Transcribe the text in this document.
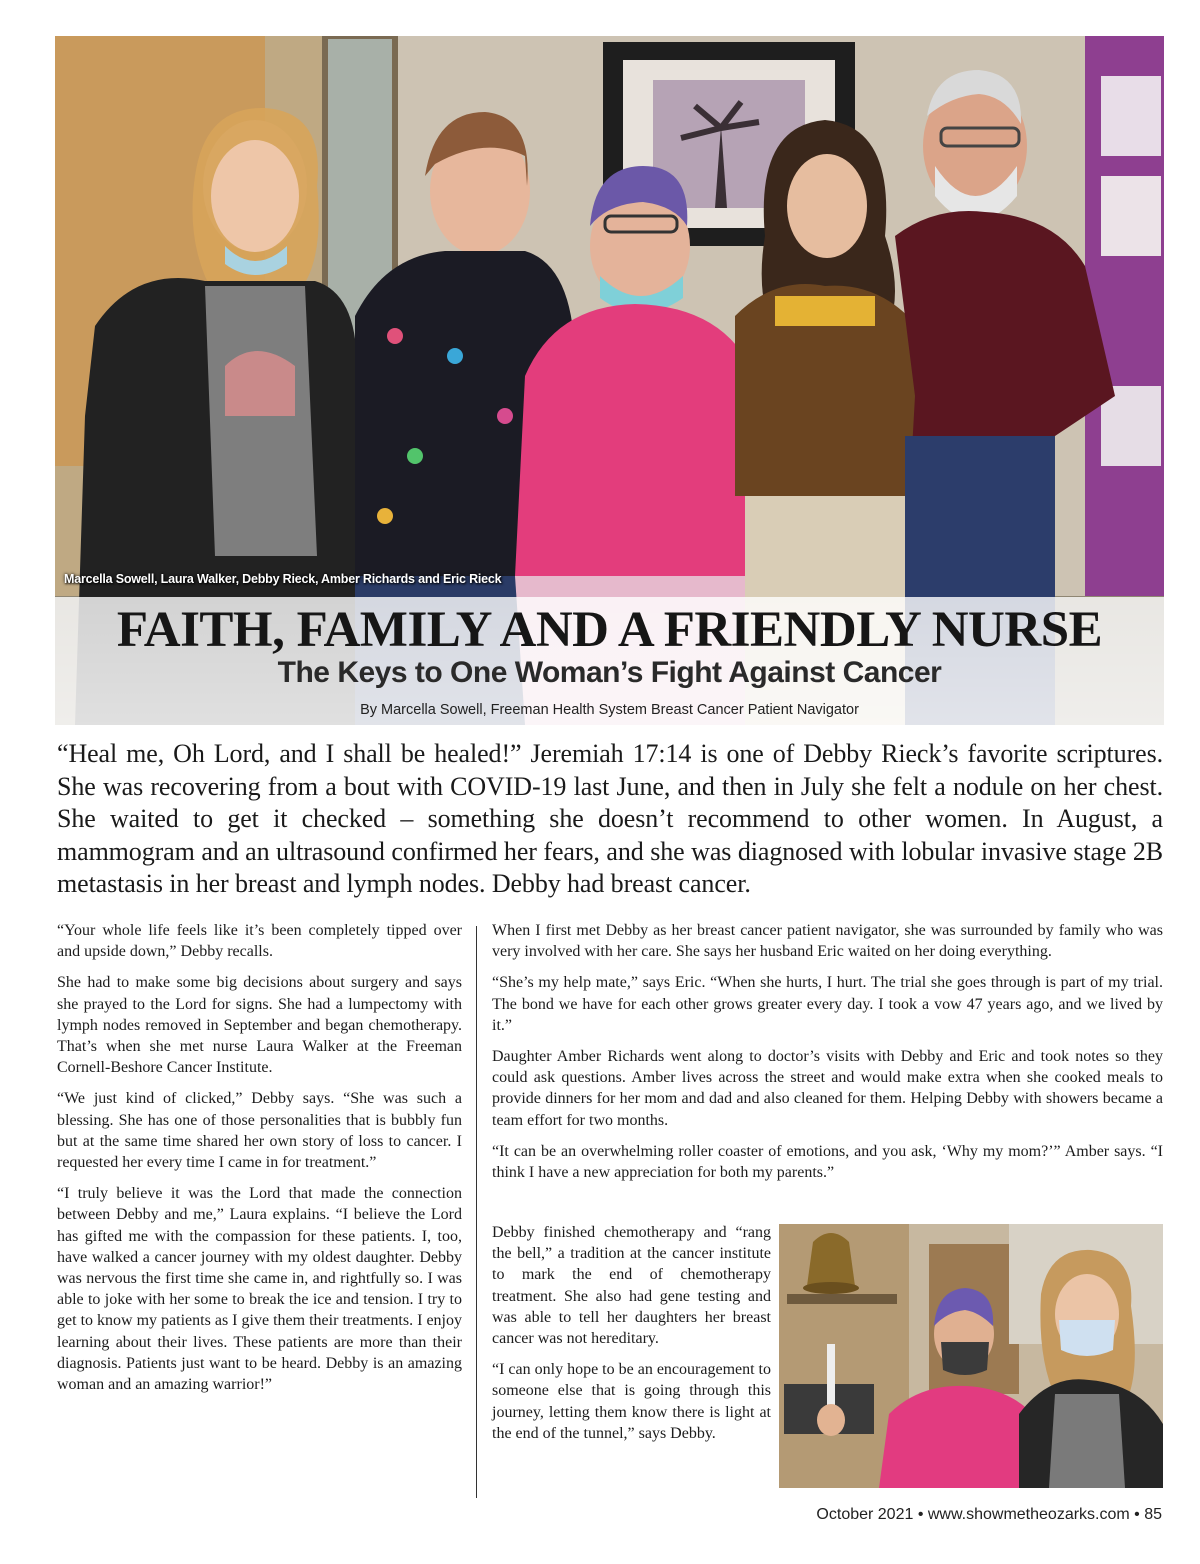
Marcella Sowell, Laura Walker, Debby Rieck, Amber Richards and Eric Rieck
FAITH, FAMILY AND A FRIENDLY NURSE
The Keys to One Woman’s Fight Against Cancer
By Marcella Sowell, Freeman Health System Breast Cancer Patient Navigator

“Heal me, Oh Lord, and I shall be healed!” Jeremiah 17:14 is one of Debby Rieck’s favorite scriptures. She was recovering from a bout with COVID-19 last June, and then in July she felt a nodule on her chest. She waited to get it checked – something she doesn’t recommend to other women. In August, a mammogram and an ultrasound confirmed her fears, and she was diagnosed with lobular invasive stage 2B metastasis in her breast and lymph nodes. Debby had breast cancer.

“Your whole life feels like it’s been completely tipped over and upside down,” Debby recalls.

She had to make some big decisions about surgery and says she prayed to the Lord for signs. She had a lumpectomy with lymph nodes removed in September and began chemotherapy. That’s when she met nurse Laura Walker at the Freeman Cornell-Beshore Cancer Institute.

“We just kind of clicked,” Debby says. “She was such a blessing. She has one of those personalities that is bubbly fun but at the same time shared her own story of loss to cancer. I requested her every time I came in for treatment.”

“I truly believe it was the Lord that made the connection between Debby and me,” Laura explains. “I believe the Lord has gifted me with the compassion for these patients. I, too, have walked a cancer journey with my oldest daughter. Debby was nervous the first time she came in, and rightfully so. I was able to joke with her some to break the ice and tension. I try to get to know my patients as I give them their treatments. I enjoy learning about their lives. These patients are more than their diagnosis. Patients just want to be heard. Debby is an amazing woman and an amazing warrior!”

When I first met Debby as her breast cancer patient navigator, she was surrounded by family who was very involved with her care. She says her husband Eric waited on her doing everything.

“She’s my help mate,” says Eric. “When she hurts, I hurt. The trial she goes through is part of my trial. The bond we have for each other grows greater every day. I took a vow 47 years ago, and we lived by it.”

Daughter Amber Richards went along to doctor’s visits with Debby and Eric and took notes so they could ask questions. Amber lives across the street and would make extra when she cooked meals to provide dinners for her mom and dad and also cleaned for them. Helping Debby with showers became a team effort for two months.

“It can be an overwhelming roller coaster of emotions, and you ask, ‘Why my mom?’” Amber says. “I think I have a new appreciation for both my parents.”

Debby finished chemotherapy and “rang the bell,” a tradition at the cancer institute to mark the end of chemotherapy treatment. She also had gene testing and was able to tell her daughters her breast cancer was not hereditary.

“I can only hope to be an encouragement to someone else that is going through this journey, letting them know there is light at the end of the tunnel,” says Debby.

October 2021 • www.showmetheozarks.com • 85
